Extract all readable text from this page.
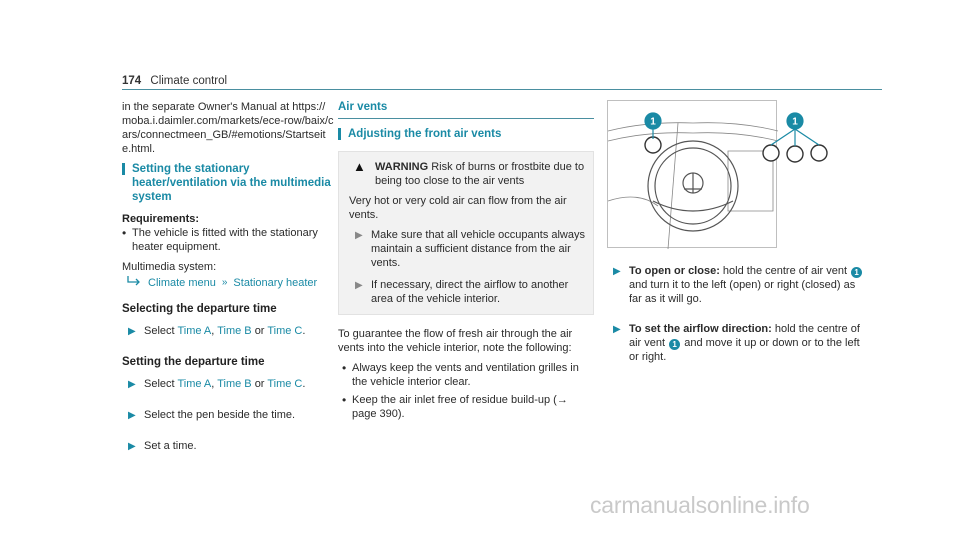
174 Climate control

in the separate Owner's Manual at https://moba.i.daimler.com/markets/ece-row/baix/cars/connectmeen_GB/#emotions/Startseite.html.

Setting the stationary heater/ventilation via the multimedia system
Requirements:
• The vehicle is fitted with the stationary heater equipment.

Multimedia system:

Climate menu » Stationary heater
Selecting the departure time
▶ Select Time A, Time B or Time C.
Setting the departure time
▶ Select Time A, Time B or Time C.
▶ Select the pen beside the time.
▶ Set a time.
Air vents
Adjusting the front air vents
▲ WARNING Risk of burns or frostbite due to being too close to the air vents

Very hot or very cold air can flow from the air vents.

▶ Make sure that all vehicle occupants always maintain a sufficient distance from the air vents.
▶ If necessary, direct the airflow to another area of the vehicle interior.

To guarantee the flow of fresh air through the air vents into the vehicle interior, note the following:

• Always keep the vents and ventilation grilles in the vehicle interior clear.
• Keep the air inlet free of residue build-up (→ page 390).
1	1
▶ To open or close: hold the centre of air vent 1 and turn it to the left (open) or right (closed) as far as it will go.
▶ To set the airflow direction: hold the centre of air vent 1 and move it up or down or to the left or right.
carmanualsonline.info
